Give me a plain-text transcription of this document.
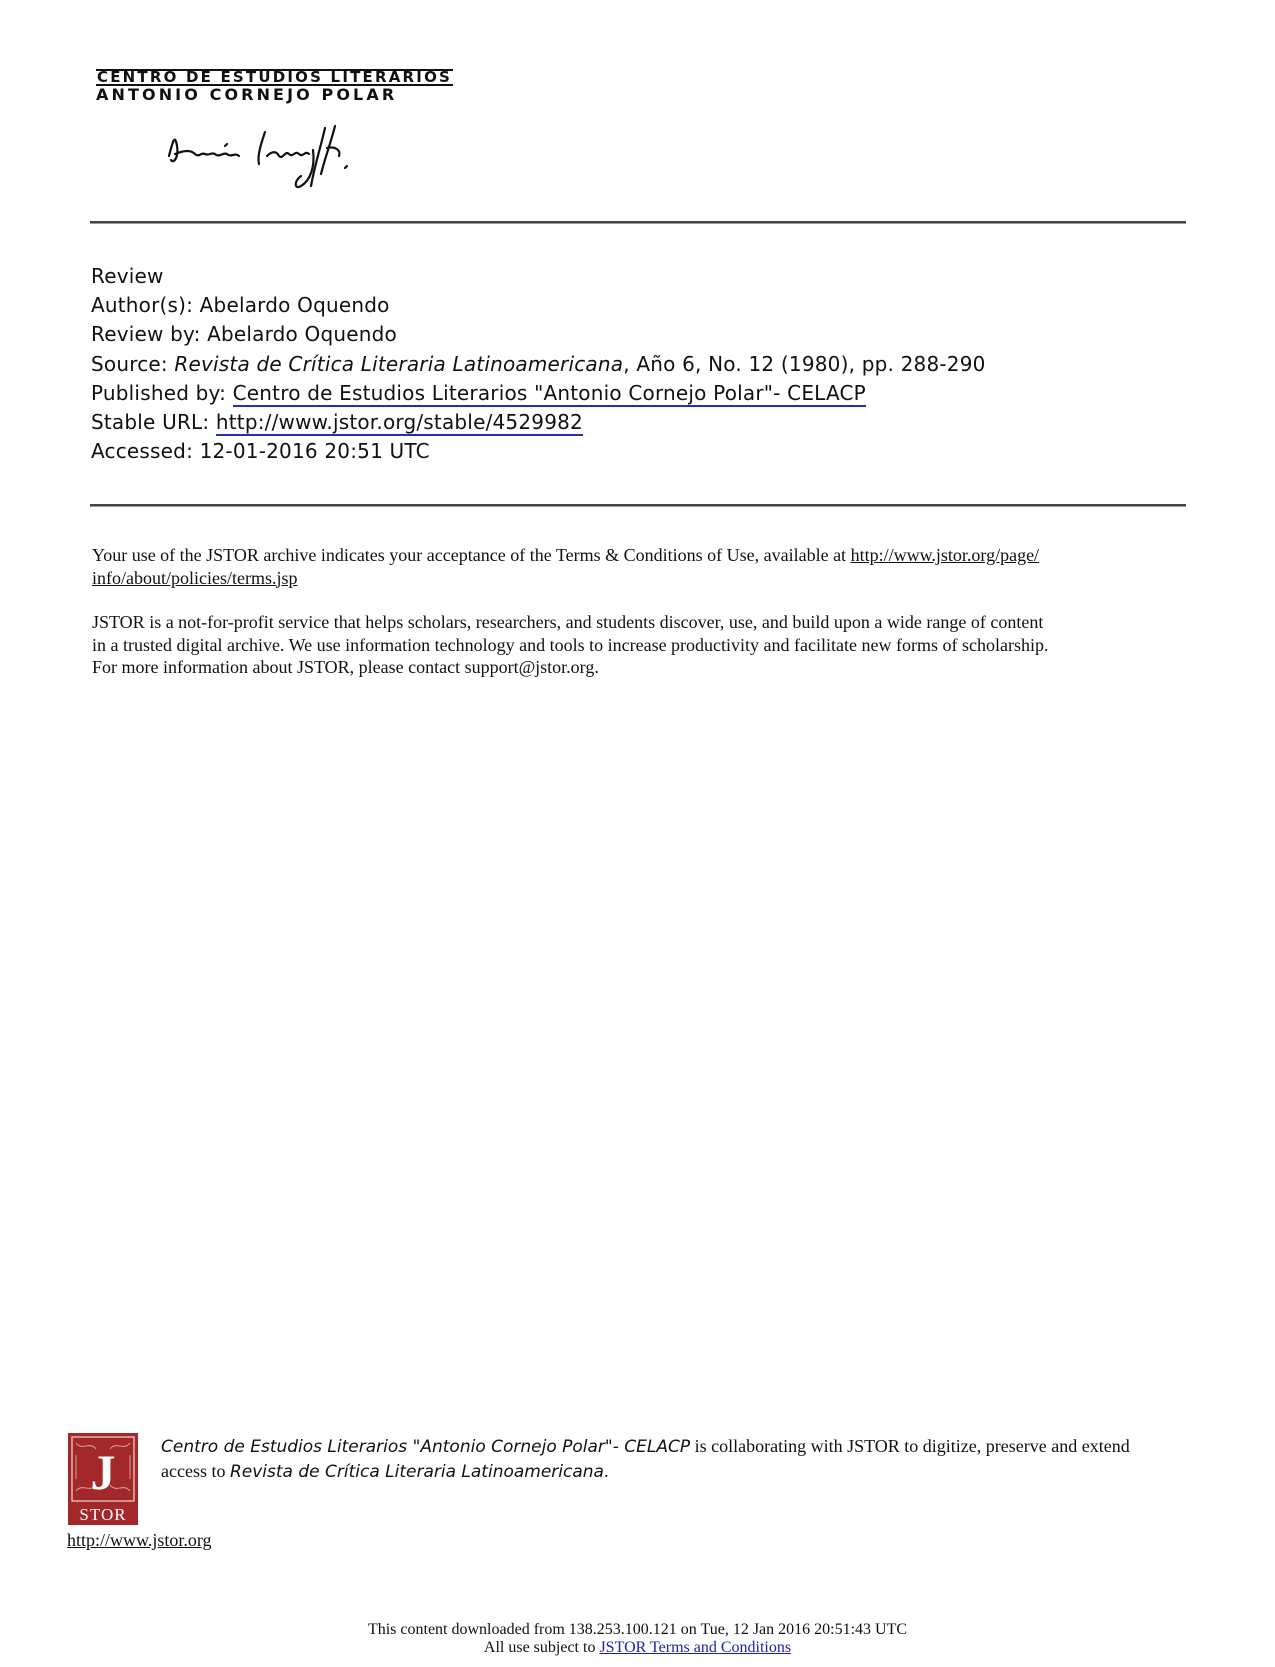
CENTRO DE ESTUDIOS LITERARIOS
ANTONIO CORNEJO POLAR
Review
Author(s): Abelardo Oquendo
Review by: Abelardo Oquendo
Source: Revista de Crítica Literaria Latinoamericana, Año 6, No. 12 (1980), pp. 288-290
Published by: Centro de Estudios Literarios "Antonio Cornejo Polar"- CELACP
Stable URL: http://www.jstor.org/stable/4529982
Accessed: 12-01-2016 20:51 UTC
Your use of the JSTOR archive indicates your acceptance of the Terms & Conditions of Use, available at http://www.jstor.org/page/
info/about/policies/terms.jsp
JSTOR is a not-for-profit service that helps scholars, researchers, and students discover, use, and build upon a wide range of content
in a trusted digital archive. We use information technology and tools to increase productivity and facilitate new forms of scholarship.
For more information about JSTOR, please contact support@jstor.org.
J
STOR
Centro de Estudios Literarios "Antonio Cornejo Polar"- CELACP is collaborating with JSTOR to digitize, preserve and extend
access to Revista de Crítica Literaria Latinoamericana.
http://www.jstor.org
This content downloaded from 138.253.100.121 on Tue, 12 Jan 2016 20:51:43 UTC
All use subject to JSTOR Terms and Conditions
